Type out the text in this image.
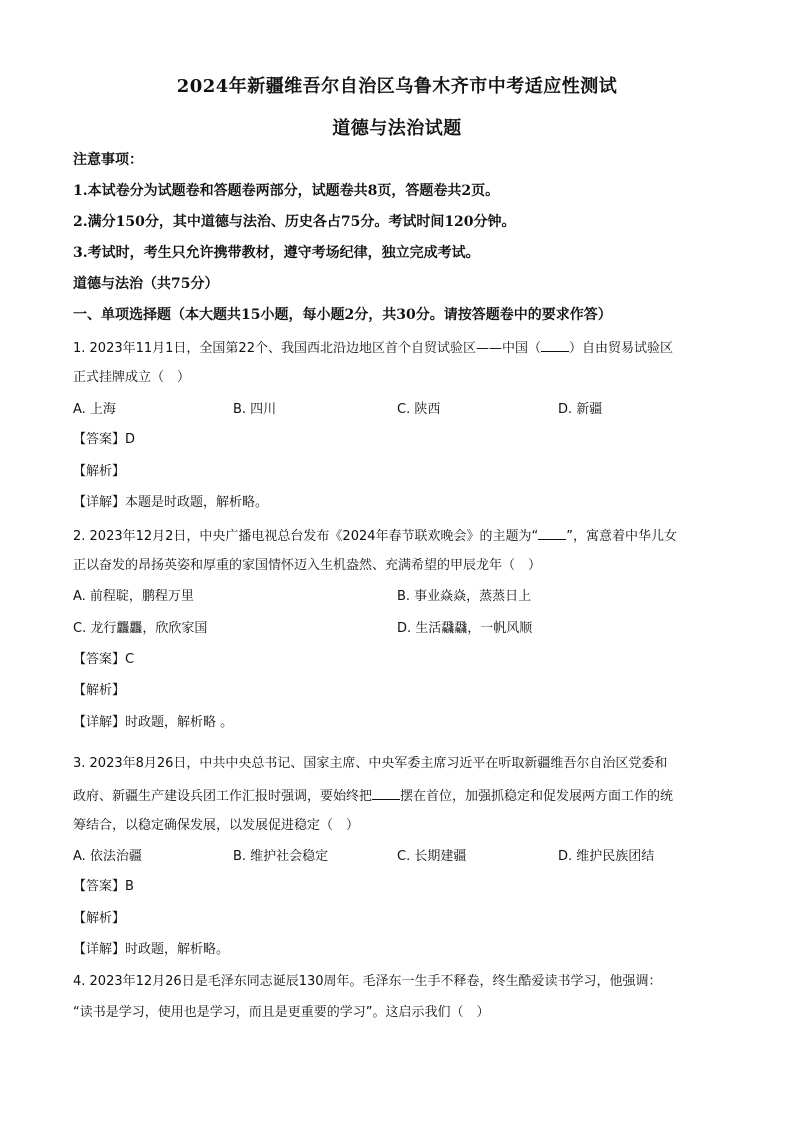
2024年新疆维吾尔自治区乌鲁木齐市中考适应性测试
道德与法治试题
注意事项：
1.本试卷分为试题卷和答题卷两部分，试题卷共8页，答题卷共2页。
2.满分150分，其中道德与法治、历史各占75分。考试时间120分钟。
3.考试时，考生只允许携带教材，遵守考场纪律，独立完成考试。
道德与法治（共75分）
一、单项选择题（本大题共15小题，每小题2分，共30分。请按答题卷中的要求作答）
1. 2023年11月1日，全国第22个、我国西北沿边地区首个自贸试验区——中国（ ）自由贸易试验区
正式挂牌成立（　）
A. 上海	B. 四川	C. 陕西	D. 新疆
【答案】D
【解析】
【详解】本题是时政题，解析略。
2. 2023年12月2日，中央广播电视总台发布《2024年春节联欢晚会》的主题为“ ”，寓意着中华儿女
正以奋发的昂扬英姿和厚重的家国情怀迈入生机盎然、充满希望的甲辰龙年（　）
A. 前程聢，鹏程万里	B. 事业焱焱，蒸蒸日上
C. 龙行龘龘，欣欣家国	D. 生活飝飝，一帆风顺
【答案】C
【解析】
【详解】时政题，解析略 。
3. 2023年8月26日，中共中央总书记、国家主席、中央军委主席习近平在听取新疆维吾尔自治区党委和
政府、新疆生产建设兵团工作汇报时强调，要始终把 摆在首位，加强抓稳定和促发展两方面工作的统
筹结合，以稳定确保发展，以发展促进稳定（　）
A. 依法治疆	B. 维护社会稳定	C. 长期建疆	D. 维护民族团结
【答案】B
【解析】
【详解】时政题，解析略。
4. 2023年12月26日是毛泽东同志诞辰130周年。毛泽东一生手不释卷，终生酷爱读书学习，他强调：
“读书是学习，使用也是学习，而且是更重要的学习”。这启示我们（　）
